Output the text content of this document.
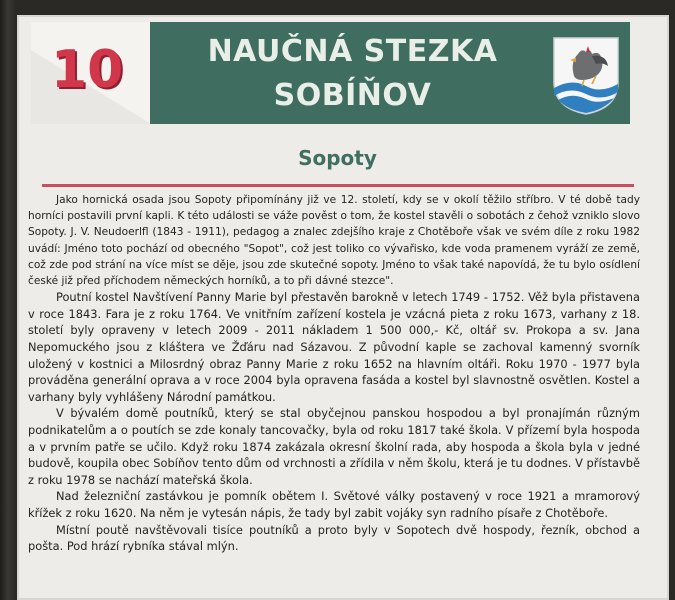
10	NAUČNÁ STEZKA
SOBÍŇOV
Sopoty

Jako hornická osada jsou Sopoty připomínány již ve 12. století, kdy se v okolí těžilo stříbro. V té době tady horníci postavili první kapli. K této události se váže pověst o tom, že kostel stavěli o sobotách z čehož vzniklo slovo Sopoty. J. V. Neudoerlfl (1843 - 1911), pedagog a znalec zdejšího kraje z Chotěboře však ve svém díle z roku 1982 uvádí: Jméno toto pochází od obecného "Sopot", což jest toliko co vývařisko, kde voda pramenem vyráží ze země, což zde pod strání na více míst se děje, jsou zde skutečné sopoty. Jméno to však také napovídá, že tu bylo osídlení české již před příchodem německých horníků, a to při dávné stezce".

Poutní kostel Navštívení Panny Marie byl přestavěn barokně v letech 1749 - 1752. Věž byla přistavena v roce 1843. Fara je z roku 1764. Ve vnitřním zařízení kostela je vzácná pieta z roku 1673, varhany z 18. století byly opraveny v letech 2009 - 2011 nákladem 1 500 000,- Kč, oltář sv. Prokopa a sv. Jana Nepomuckého jsou z kláštera ve Žďáru nad Sázavou. Z původní kaple se zachoval kamenný svorník uložený v kostnici a Milosrdný obraz Panny Marie z roku 1652 na hlavním oltáři. Roku 1970 - 1977 byla prováděna generální oprava a v roce 2004 byla opravena fasáda a kostel byl slavnostně osvětlen. Kostel a varhany byly vyhlášeny Národní památkou.

V bývalém domě poutníků, který se stal obyčejnou panskou hospodou a byl pronajímán různým podnikatelům a o poutích se zde konaly tancovačky, byla od roku 1817 také škola. V přízemí byla hospoda a v prvním patře se učilo. Když roku 1874 zakázala okresní školní rada, aby hospoda a škola byla v jedné budově, koupila obec Sobíňov tento dům od vrchnosti a zřídila v něm školu, která je tu dodnes. V přístavbě z roku 1978 se nachází mateřská škola.

Nad železniční zastávkou je pomník obětem I. Světové války postavený v roce 1921 a mramorový křížek z roku 1620. Na něm je vytesán nápis, že tady byl zabit vojáky syn radního písaře z Chotěboře.

Místní poutě navštěvovali tisíce poutníků a proto byly v Sopotech dvě hospody, řezník, obchod a pošta. Pod hrází rybníka stával mlýn.
